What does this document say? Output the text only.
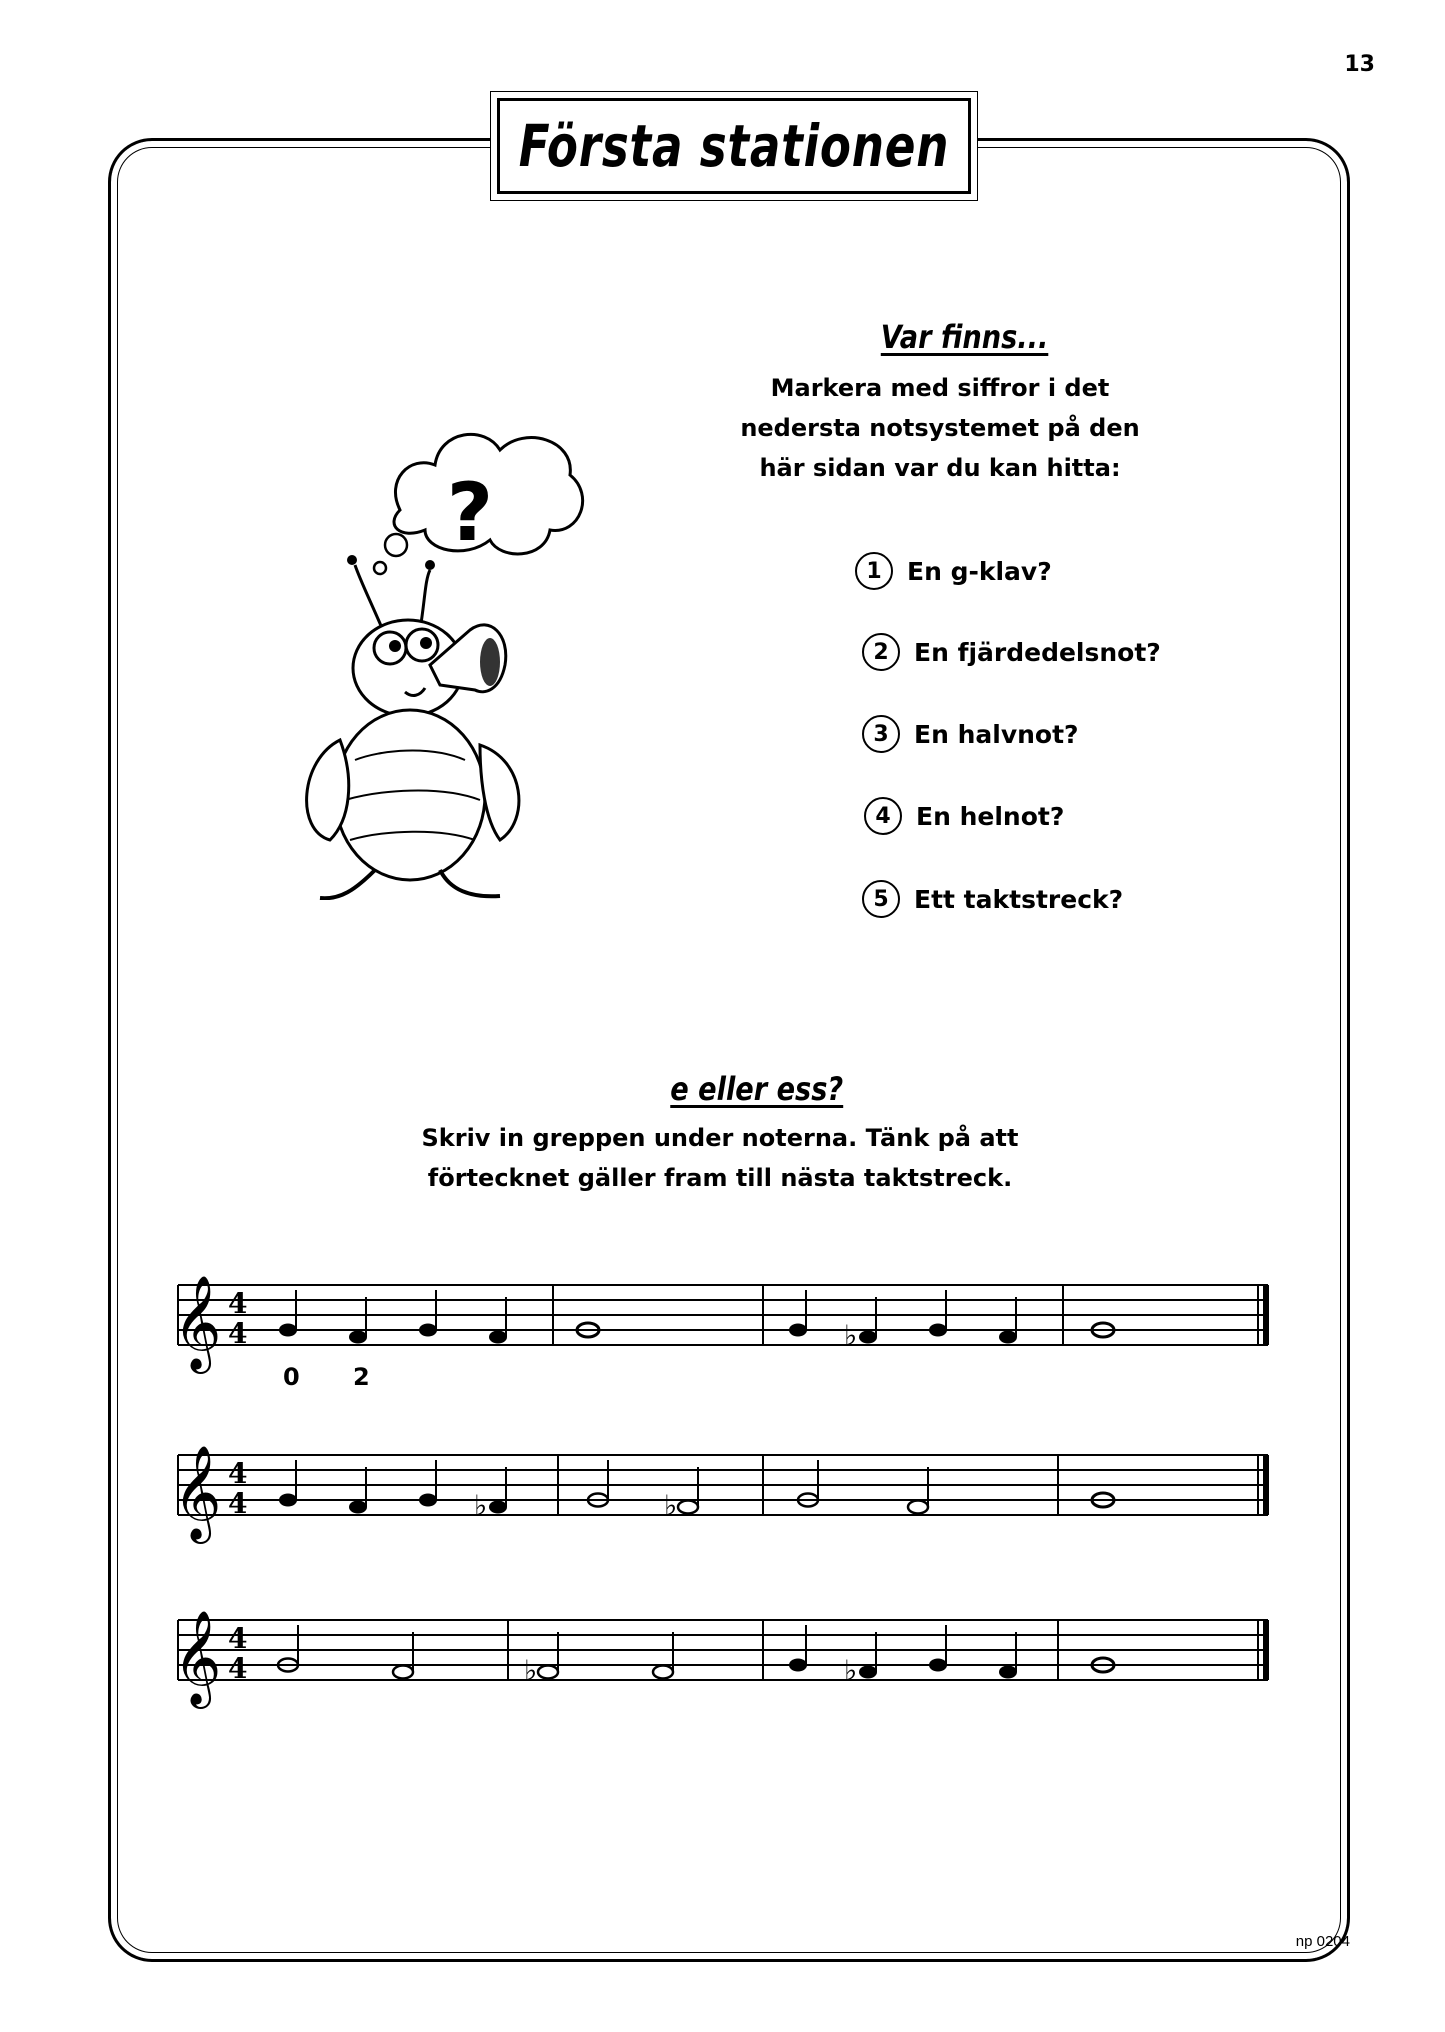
13
Första stationen
Var finns...
Markera med siffror i det
nedersta notsystemet på den
här sidan var du kan hitta:
1	En g-klav?
2	En fjärdedelsnot?
3	En halvnot?
4	En helnot?
5	Ett taktstreck?
?
e eller ess?
Skriv in greppen under noterna. Tänk på att
förtecknet gäller fram till nästa taktstreck.
𝄞 4
4	♭
0 2
𝄞 4
4	♭	♭
𝄞 4
4	♭	♭
np 0204
